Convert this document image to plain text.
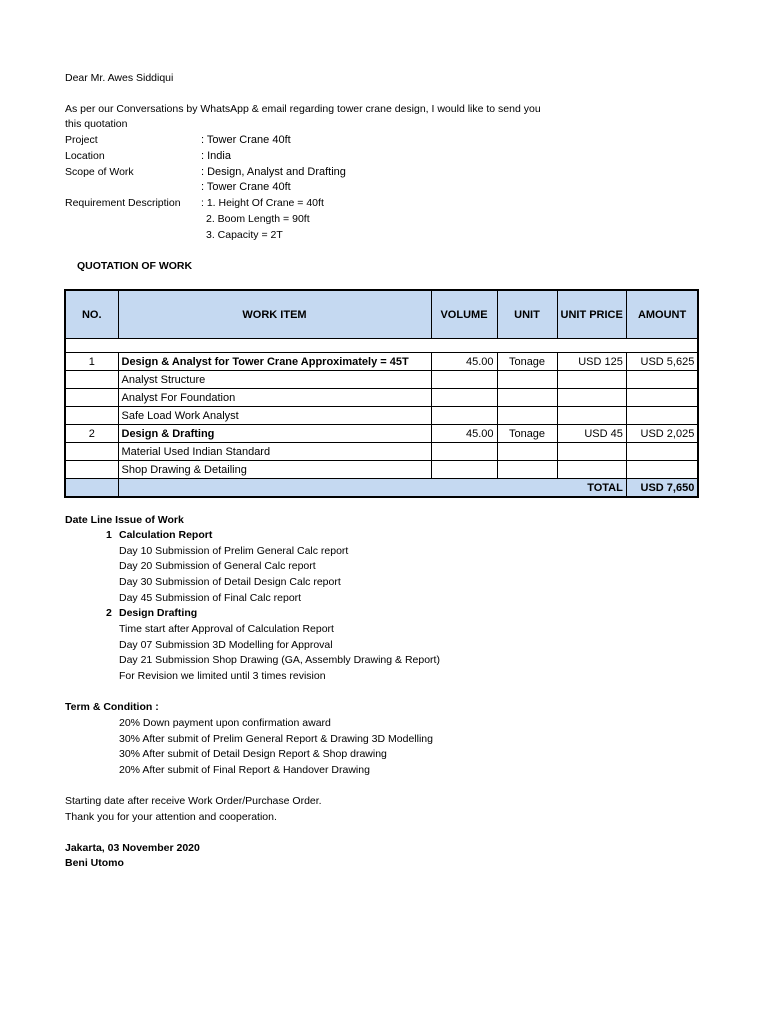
Dear Mr. Awes Siddiqui
As per our Conversations by WhatsApp & email regarding tower crane design, I would like to send you
this quotation
Project	: Tower Crane 40ft
Location	: India
Scope of Work	: Design, Analyst and Drafting
: Tower Crane 40ft
Requirement Description : 1. Height Of Crane = 40ft
2. Boom Length = 90ft
3. Capacity = 2T
QUOTATION OF WORK
NO.	WORK ITEM	VOLUME	UNIT	UNIT PRICE	AMOUNT

1	Design & Analyst for Tower Crane Approximately = 45T	45.00	Tonage	USD 125	USD 5,625
	Analyst Structure				
	Analyst For Foundation				
	Safe Load Work Analyst				
2	Design & Drafting	45.00	Tonage	USD 45	USD 2,025
	Material Used Indian Standard				
	Shop Drawing & Detailing				
	TOTAL				USD 7,650
Date Line Issue of Work
1 Calculation Report
Day 10 Submission of Prelim General Calc report
Day 20 Submission of General Calc report
Day 30 Submission of Detail Design Calc report
Day 45 Submission of Final Calc report
2 Design Drafting
Time start after Approval of Calculation Report
Day 07 Submission 3D Modelling for Approval
Day 21 Submission Shop Drawing (GA, Assembly Drawing & Report)
For Revision we limited until 3 times revision
Term & Condition :
20% Down payment upon confirmation award
30% After submit of Prelim General Report & Drawing 3D Modelling
30% After submit of Detail Design Report & Shop drawing
20% After submit of Final Report & Handover Drawing
Starting date after receive Work Order/Purchase Order.
Thank you for your attention and cooperation.
Jakarta, 03 November 2020
Beni Utomo
